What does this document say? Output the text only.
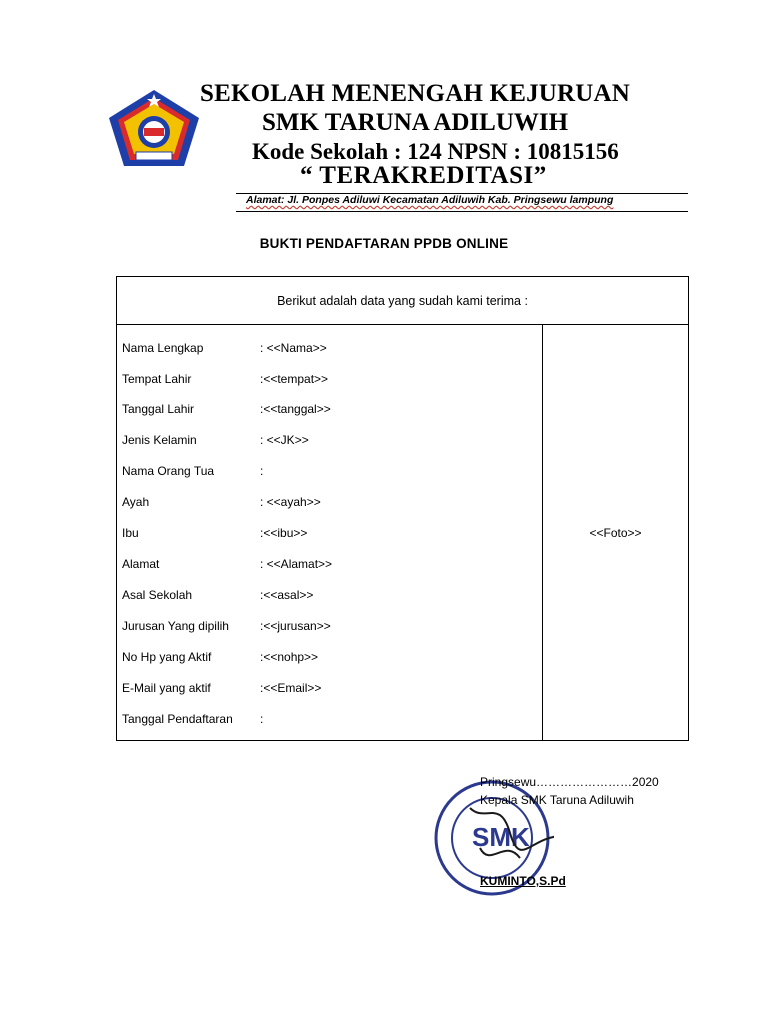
SEKOLAH MENENGAH KEJURUAN
SMK TARUNA ADILUWIH
Kode Sekolah : 124 NPSN : 10815156
“ TERAKREDITASI”
Alamat: Jl. Ponpes Adiluwi Kecamatan Adiluwih Kab. Pringsewu lampung
BUKTI PENDAFTARAN PPDB ONLINE
Berikut adalah data yang sudah kami terima :
Nama Lengkap	: <<Nama>>
Tempat Lahir	:<<tempat>>
Tanggal Lahir	:<<tanggal>>
Jenis Kelamin	: <<JK>>
Nama Orang Tua	:
Ayah	: <<ayah>>
Ibu	:<<ibu>>
Alamat	: <<Alamat>>
Asal Sekolah	:<<asal>>
Jurusan Yang dipilih	:<<jurusan>>
No Hp yang Aktif	:<<nohp>>
E-Mail yang aktif	:<<Email>>
Tanggal Pendaftaran :
<<Foto>>
SMK
Pringsewu……………………2020
Kepala SMK Taruna Adiluwih
KUMINTO,S.Pd
